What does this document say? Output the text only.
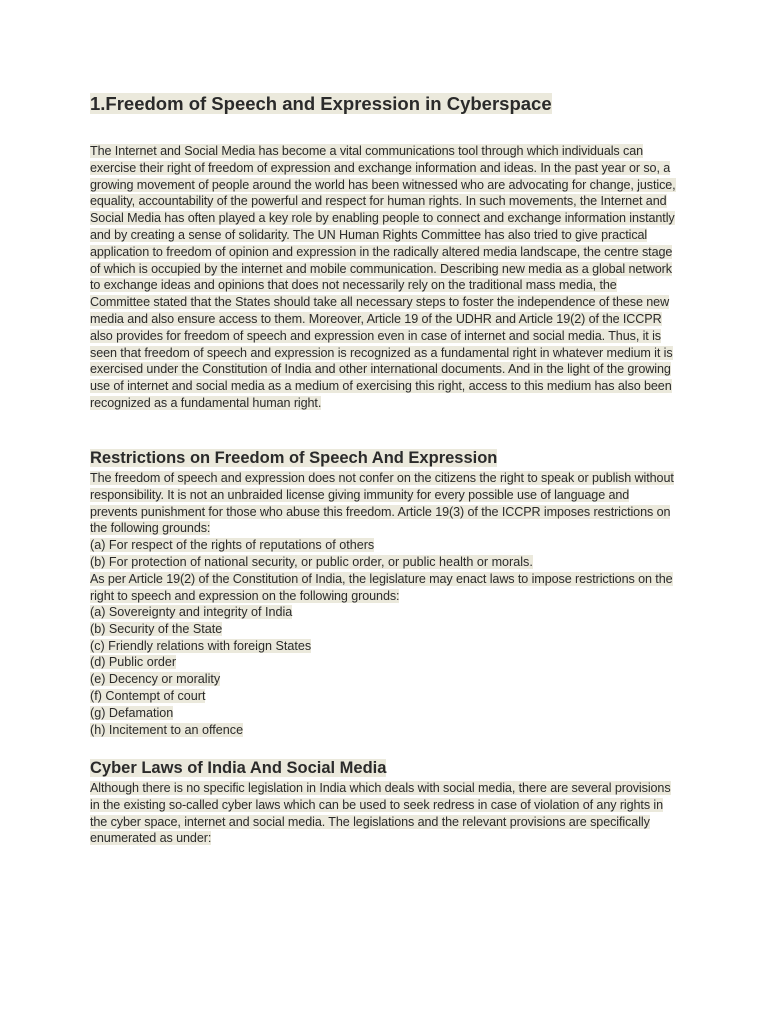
1.Freedom of Speech and Expression in Cyberspace

The Internet and Social Media has become a vital communications tool through which individuals can exercise their right of freedom of expression and exchange information and ideas. In the past year or so, a growing movement of people around the world has been witnessed who are advocating for change, justice, equality, accountability of the powerful and respect for human rights. In such movements, the Internet and Social Media has often played a key role by enabling people to connect and exchange information instantly and by creating a sense of solidarity. The UN Human Rights Committee has also tried to give practical application to freedom of opinion and expression in the radically altered media landscape, the centre stage of which is occupied by the internet and mobile communication. Describing new media as a global network to exchange ideas and opinions that does not necessarily rely on the traditional mass media, the Committee stated that the States should take all necessary steps to foster the independence of these new media and also ensure access to them. Moreover, Article 19 of the UDHR and Article 19(2) of the ICCPR also provides for freedom of speech and expression even in case of internet and social media. Thus, it is seen that freedom of speech and expression is recognized as a fundamental right in whatever medium it is exercised under the Constitution of India and other international documents. And in the light of the growing use of internet and social media as a medium of exercising this right, access to this medium has also been recognized as a fundamental human right.

Restrictions on Freedom of Speech And Expression

The freedom of speech and expression does not confer on the citizens the right to speak or publish without responsibility. It is not an unbraided license giving immunity for every possible use of language and prevents punishment for those who abuse this freedom. Article 19(3) of the ICCPR imposes restrictions on the following grounds:

(a) For respect of the rights of reputations of others
(b) For protection of national security, or public order, or public health or morals.

As per Article 19(2) of the Constitution of India, the legislature may enact laws to impose restrictions on the right to speech and expression on the following grounds:

(a) Sovereignty and integrity of India
(b) Security of the State
(c) Friendly relations with foreign States
(d) Public order
(e) Decency or morality
(f) Contempt of court
(g) Defamation
(h) Incitement to an offence
Cyber Laws of India And Social Media

Although there is no specific legislation in India which deals with social media, there are several provisions in the existing so-called cyber laws which can be used to seek redress in case of violation of any rights in the cyber space, internet and social media. The legislations and the relevant provisions are specifically enumerated as under:
